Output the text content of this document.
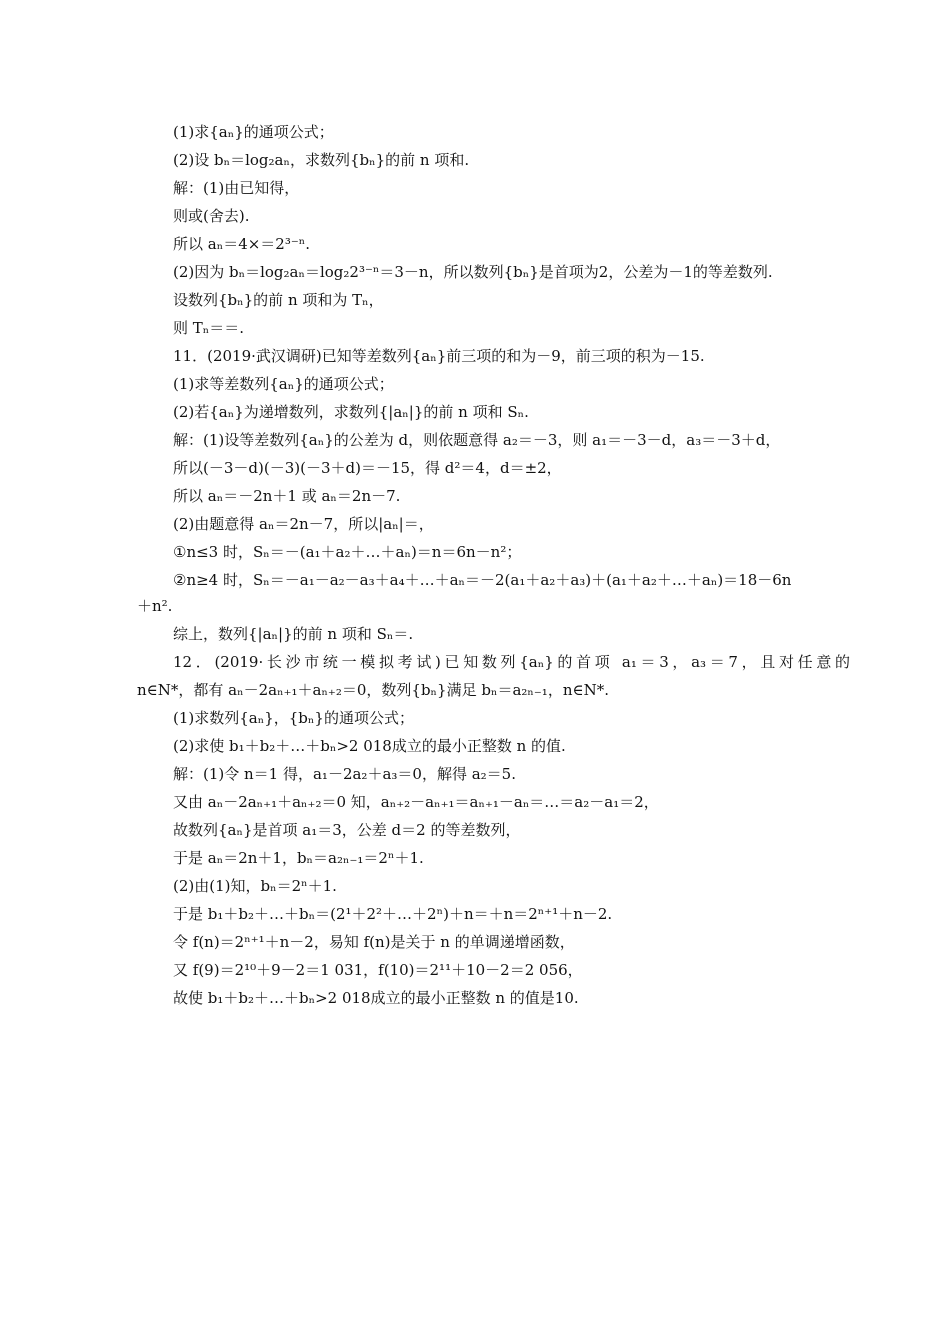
(1)求{aₙ}的通项公式；
(2)设 bₙ＝log₂aₙ，求数列{bₙ}的前 n 项和.
解：(1)由已知得，
则或(舍去).
所以 aₙ＝4×＝2³⁻ⁿ.
(2)因为 bₙ＝log₂aₙ＝log₂2³⁻ⁿ＝3－n，所以数列{bₙ}是首项为2，公差为－1的等差数列.
设数列{bₙ}的前 n 项和为 Tₙ，
则 Tₙ＝＝.
11．(2019·武汉调研)已知等差数列{aₙ}前三项的和为－9，前三项的积为－15.
(1)求等差数列{aₙ}的通项公式；
(2)若{aₙ}为递增数列，求数列{|aₙ|}的前 n 项和 Sₙ.
解：(1)设等差数列{aₙ}的公差为 d，则依题意得 a₂＝－3，则 a₁＝－3－d，a₃＝－3＋d，
所以(－3－d)(－3)(－3＋d)＝－15，得 d²＝4，d＝±2，
所以 aₙ＝－2n＋1 或 aₙ＝2n－7.
(2)由题意得 aₙ＝2n－7，所以|aₙ|＝，
①n≤3 时，Sₙ＝－(a₁＋a₂＋…＋aₙ)＝n＝6n－n²；
②n≥4 时，Sₙ＝－a₁－a₂－a₃＋a₄＋…＋aₙ＝－2(a₁＋a₂＋a₃)＋(a₁＋a₂＋…＋aₙ)＝18－6n
＋n².
综上，数列{|aₙ|}的前 n 项和 Sₙ＝.
12．(2019·长沙市统一模拟考试)已知数列{aₙ}的首项 a₁＝3，a₃＝7，且对任意的
n∈N*，都有 aₙ－2aₙ₊₁＋aₙ₊₂＝0，数列{bₙ}满足 bₙ＝a₂ₙ₋₁，n∈N*.
(1)求数列{aₙ}，{bₙ}的通项公式；
(2)求使 b₁＋b₂＋…＋bₙ>2 018成立的最小正整数 n 的值.
解：(1)令 n＝1 得，a₁－2a₂＋a₃＝0，解得 a₂＝5.
又由 aₙ－2aₙ₊₁＋aₙ₊₂＝0 知，aₙ₊₂－aₙ₊₁＝aₙ₊₁－aₙ＝…＝a₂－a₁＝2，
故数列{aₙ}是首项 a₁＝3，公差 d＝2 的等差数列，
于是 aₙ＝2n＋1，bₙ＝a₂ₙ₋₁＝2ⁿ＋1.
(2)由(1)知，bₙ＝2ⁿ＋1.
于是 b₁＋b₂＋…＋bₙ＝(2¹＋2²＋…＋2ⁿ)＋n＝＋n＝2ⁿ⁺¹＋n－2.
令 f(n)＝2ⁿ⁺¹＋n－2，易知 f(n)是关于 n 的单调递增函数，
又 f(9)＝2¹⁰＋9－2＝1 031，f(10)＝2¹¹＋10－2＝2 056，
故使 b₁＋b₂＋…＋bₙ>2 018成立的最小正整数 n 的值是10.
